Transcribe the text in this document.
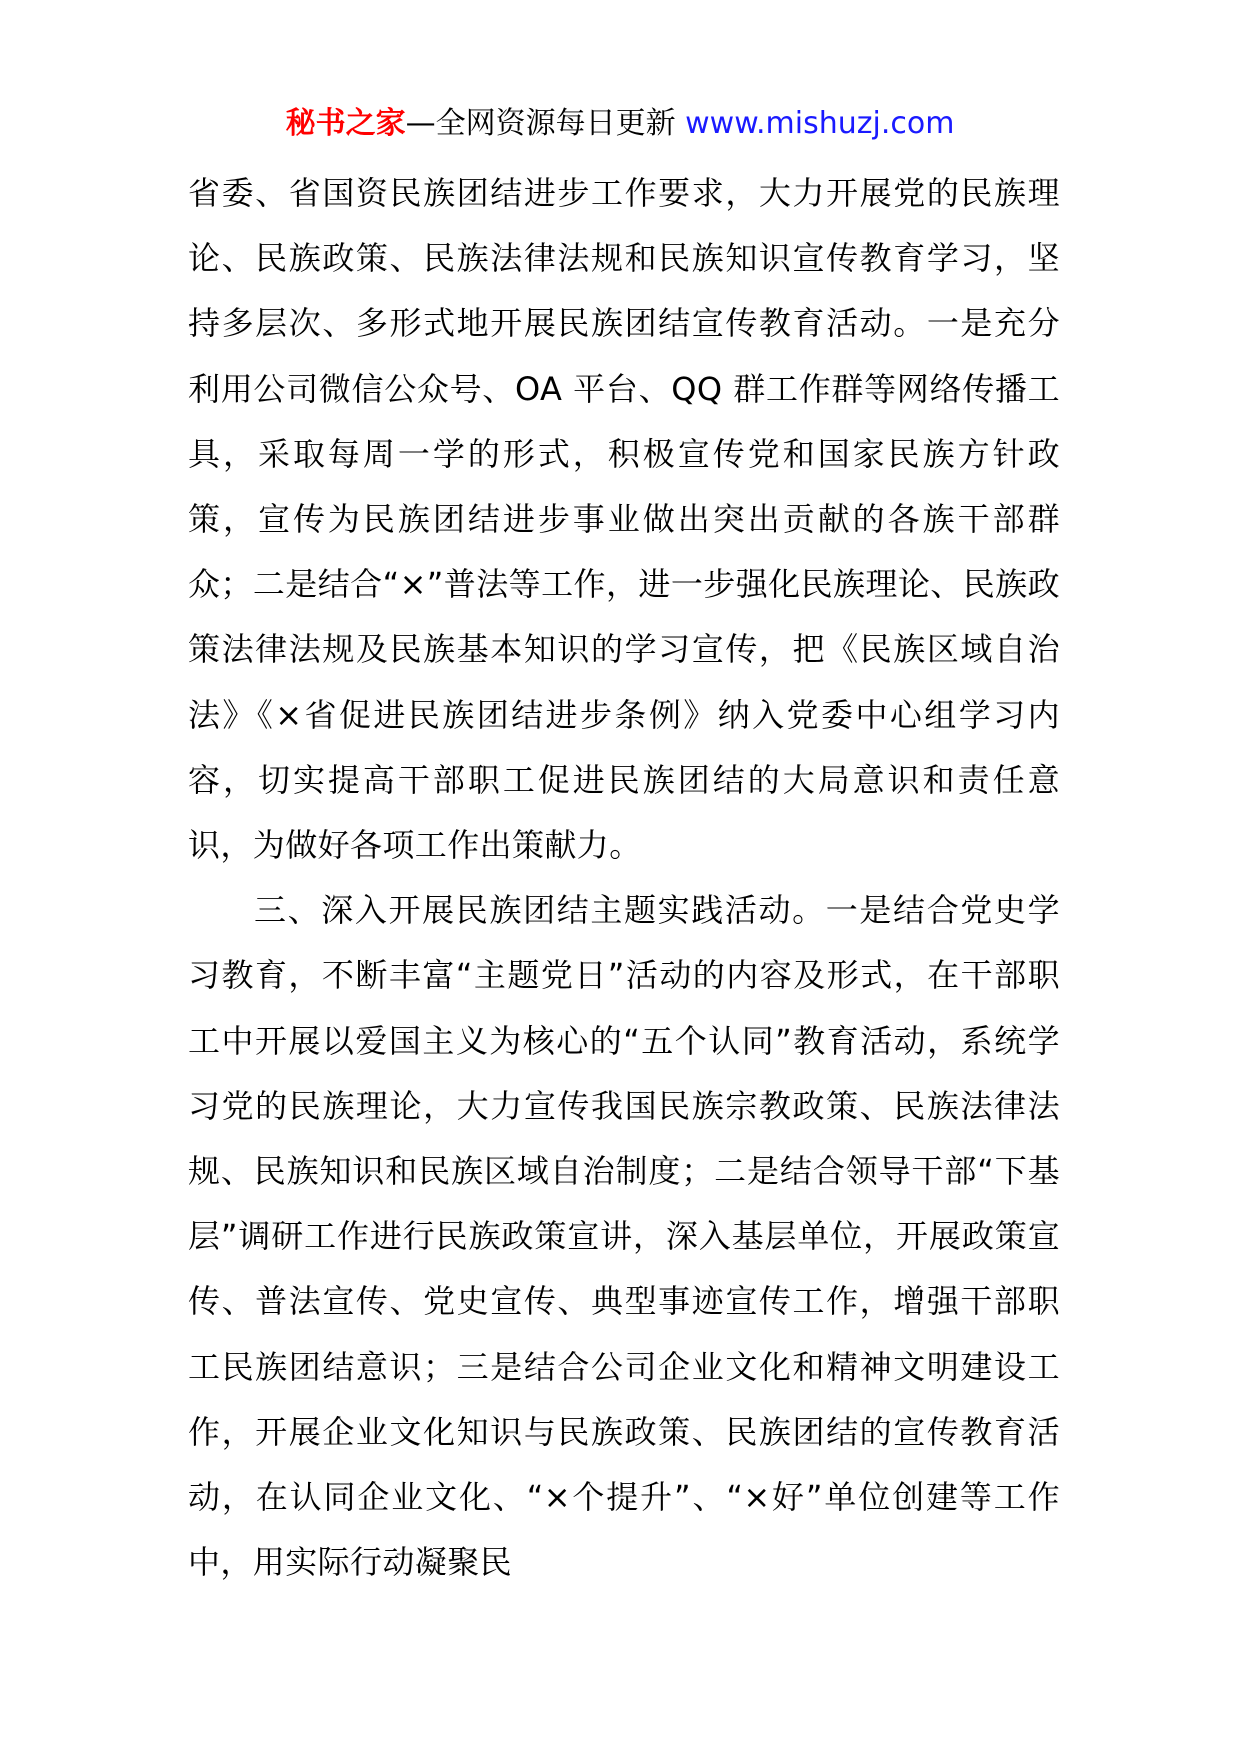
秘书之家—全网资源每日更新 www.mishuzj.com

省委、省国资民族团结进步工作要求，大力开展党的民族理论、民族政策、民族法律法规和民族知识宣传教育学习，坚持多层次、多形式地开展民族团结宣传教育活动。一是充分利用公司微信公众号、OA 平台、QQ 群工作群等网络传播工具，采取每周一学的形式，积极宣传党和国家民族方针政策，宣传为民族团结进步事业做出突出贡献的各族干部群众；二是结合“×”普法等工作，进一步强化民族理论、民族政策法律法规及民族基本知识的学习宣传，把《民族区域自治法》《×省促进民族团结进步条例》纳入党委中心组学习内容，切实提高干部职工促进民族团结的大局意识和责任意识，为做好各项工作出策献力。

三、深入开展民族团结主题实践活动。一是结合党史学习教育，不断丰富“主题党日”活动的内容及形式，在干部职工中开展以爱国主义为核心的“五个认同”教育活动，系统学习党的民族理论，大力宣传我国民族宗教政策、民族法律法规、民族知识和民族区域自治制度；二是结合领导干部“下基层”调研工作进行民族政策宣讲，深入基层单位，开展政策宣传、普法宣传、党史宣传、典型事迹宣传工作，增强干部职工民族团结意识；三是结合公司企业文化和精神文明建设工作，开展企业文化知识与民族政策、民族团结的宣传教育活动，在认同企业文化、“×个提升”、“×好”单位创建等工作中，用实际行动凝聚民
